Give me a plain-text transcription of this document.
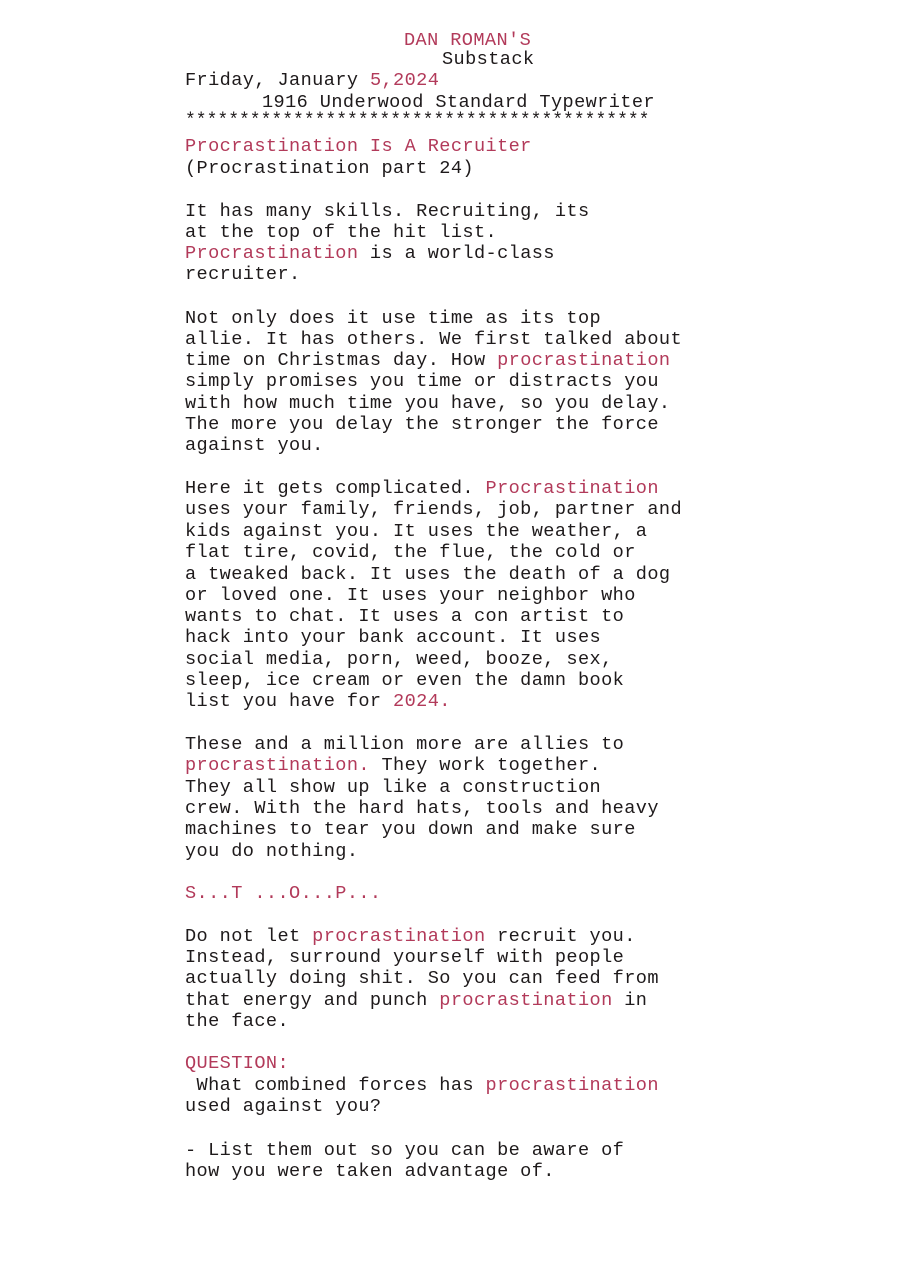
DAN ROMAN'S
Substack
Friday, January 5,2024
1916 Underwood Standard Typewriter
*******************************************
Procrastination Is A Recruiter
(Procrastination part 24)
It has many skills. Recruiting, its
at the top of the hit list.
Procrastination is a world-class
recruiter.
Not only does it use time as its top
allie. It has others. We first talked about
time on Christmas day. How procrastination
simply promises you time or distracts you
with how much time you have, so you delay.
The more you delay the stronger the force
against you.
Here it gets complicated. Procrastination
uses your family, friends, job, partner and
kids against you. It uses the weather, a
flat tire, covid, the flue, the cold or
a tweaked back. It uses the death of a dog
or loved one. It uses your neighbor who
wants to chat. It uses a con artist to
hack into your bank account. It uses
social media, porn, weed, booze, sex,
sleep, ice cream or even the damn book
list you have for 2024.
These and a million more are allies to
procrastination. They work together.
They all show up like a construction
crew. With the hard hats, tools and heavy
machines to tear you down and make sure
you do nothing.
S...T ...O...P...
Do not let procrastination recruit you.
Instead, surround yourself with people
actually doing shit. So you can feed from
that energy and punch procrastination in
the face.
QUESTION:
What combined forces has procrastination
used against you?
- List them out so you can be aware of
how you were taken advantage of.
